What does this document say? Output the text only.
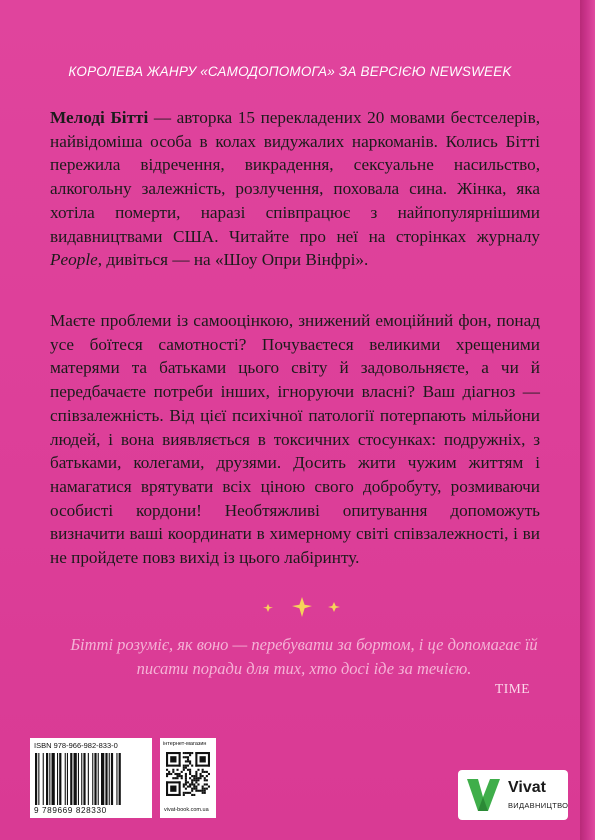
КОРОЛЕВА ЖАНРУ «САМОДОПОМОГА» ЗА ВЕРСІЄЮ NEWSWEEK
Мелоді Бітті — авторка 15 перекладених 20 мовами бестселерів, найвідоміша особа в колах видужалих наркоманів. Колись Бітті пережила відречення, викрадення, сексуальне насильство, алкогольну залежність, розлучення, поховала сина. Жінка, яка хотіла померти, наразі співпрацює з найпопулярнішими видавництвами США. Читайте про неї на сторінках журналу People, дивіться — на «Шоу Опри Вінфрі».
Маєте проблеми із самооцінкою, знижений емоційний фон, понад усе боїтеся самотності? Почуваєтеся великими хрещеними матерями та батьками цього світу й задовольняєте, а чи й передбачаєте потреби інших, ігноруючи власні? Ваш діагноз — співзалежність. Від цієї психічної патології потерпають мільйони людей, і вона виявляється в токсичних стосунках: подружніх, з батьками, колегами, друзями. Досить жити чужим життям і намагатися врятувати всіх ціною свого добробуту, розмиваючи особисті кордони! Необтяжливі опитування допоможуть визначити ваші координати в химерному світі співзалежності, і ви не пройдете повз вихід із цього лабіринту.
Бітті розуміє, як воно — перебувати за бортом, і це допомагає їй писати поради для тих, хто досі іде за течією.
TIME
ISBN 978-966-982-833-0
9 789669 828330
інтернет-магазин
vivat-book.com.ua
Vivat
ВИДАВНИЦТВО
